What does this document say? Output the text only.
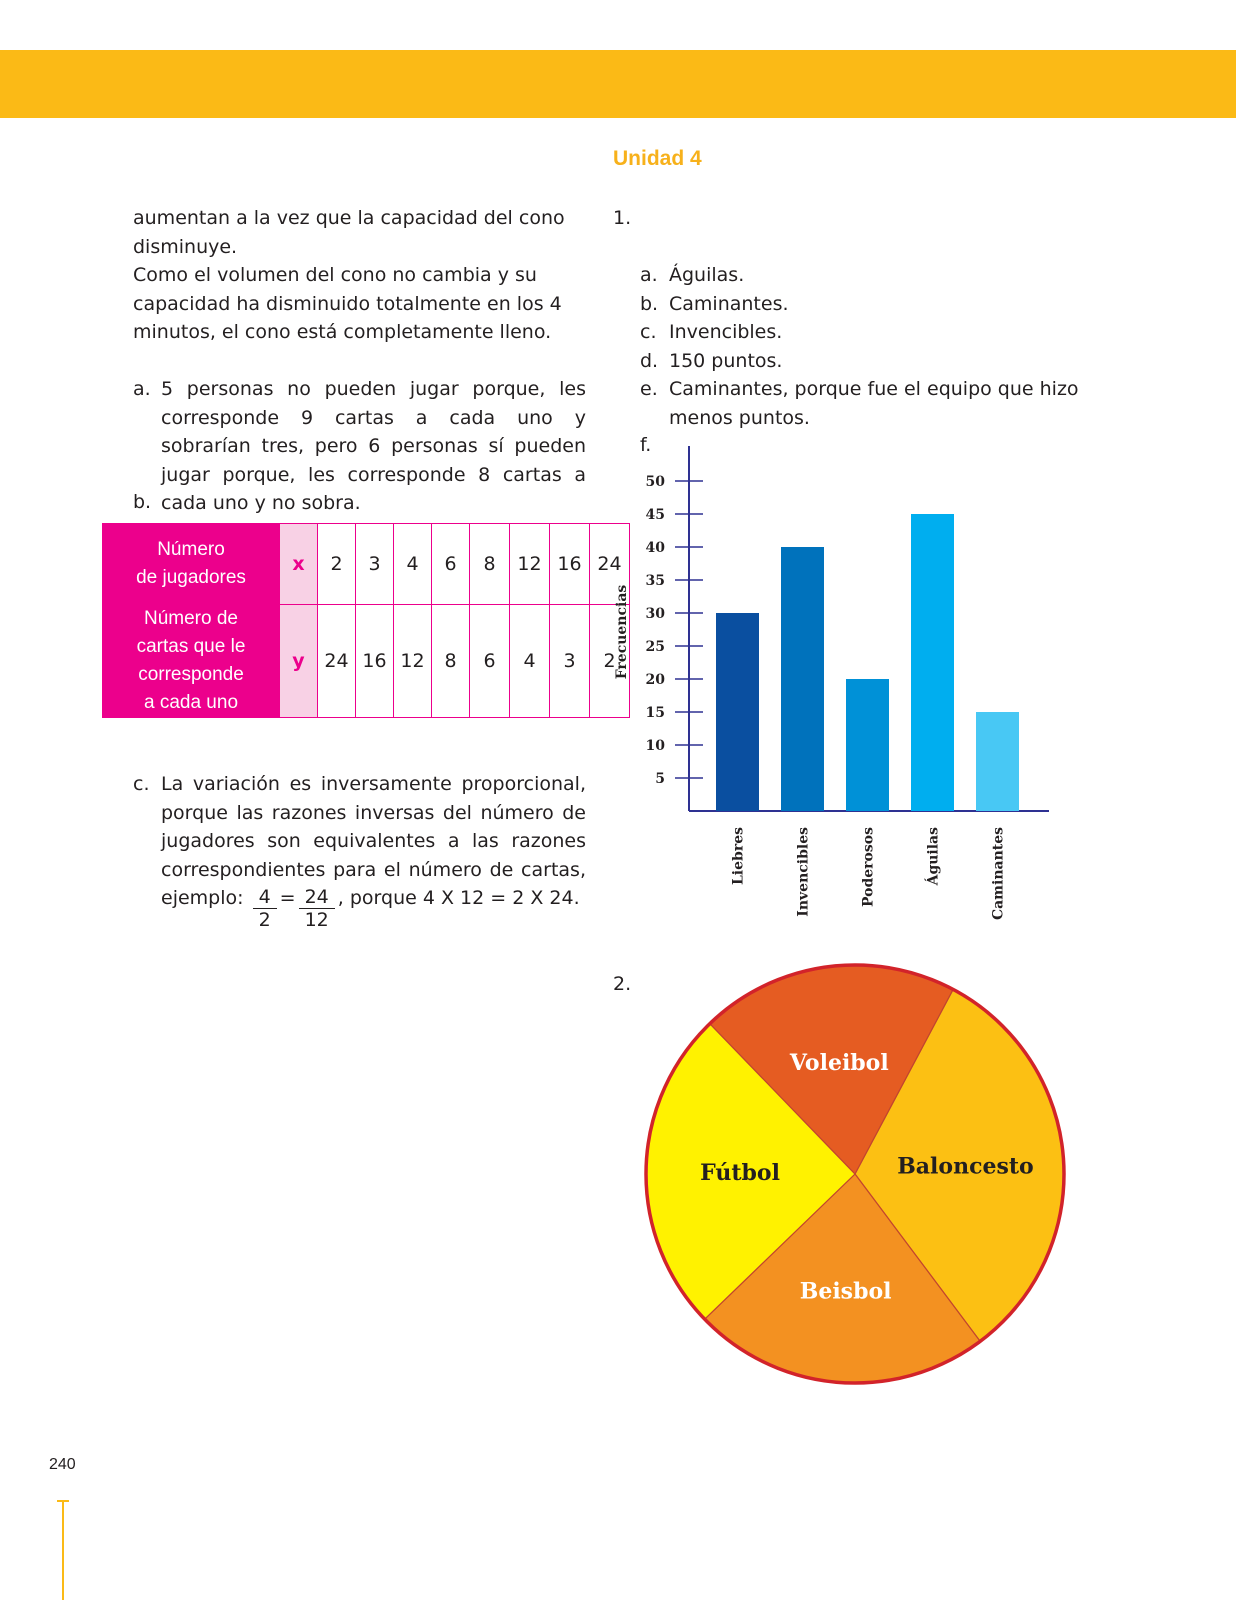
Unidad 4
aumentan a la vez que la capacidad del cono
disminuye.
Como el volumen del cono no cambia y su
capacidad ha disminuido totalmente en los 4
minutos, el cono está completamente lleno.
a. 5 personas no pueden jugar porque, les corresponde 9 cartas a cada uno y sobrarían tres, pero 6 personas sí pueden jugar porque, les corresponde 8 cartas a cada uno y no sobra.
b.
Número
de jugadores	x	2	3	4	6	8	12	16	24

Número de
cartas que le
corresponde
a cada uno	y	24	16	12	8	6	4	3	2
c. La variación es inversamente proporcional, porque las razones inversas del número de jugadores son equivalentes a las razones correspondientes para el número de cartas, ejemplo: $\frac{4}{2} = \frac{24}{12}$ , porque 4 X 12 = 2 X 24.
1.
a. Águilas.
b. Caminantes.
c. Invencibles.
d. 150 puntos.
e. Caminantes, porque fue el equipo que hizo menos puntos.
f.
2.
5
10
15
20
25
30
35
40
45
50
Frecuencias
Liebres	Invencibles	Poderosos	Águilas	Caminantes
Baloncesto
Beisbol
Fútbol
Voleibol
240
